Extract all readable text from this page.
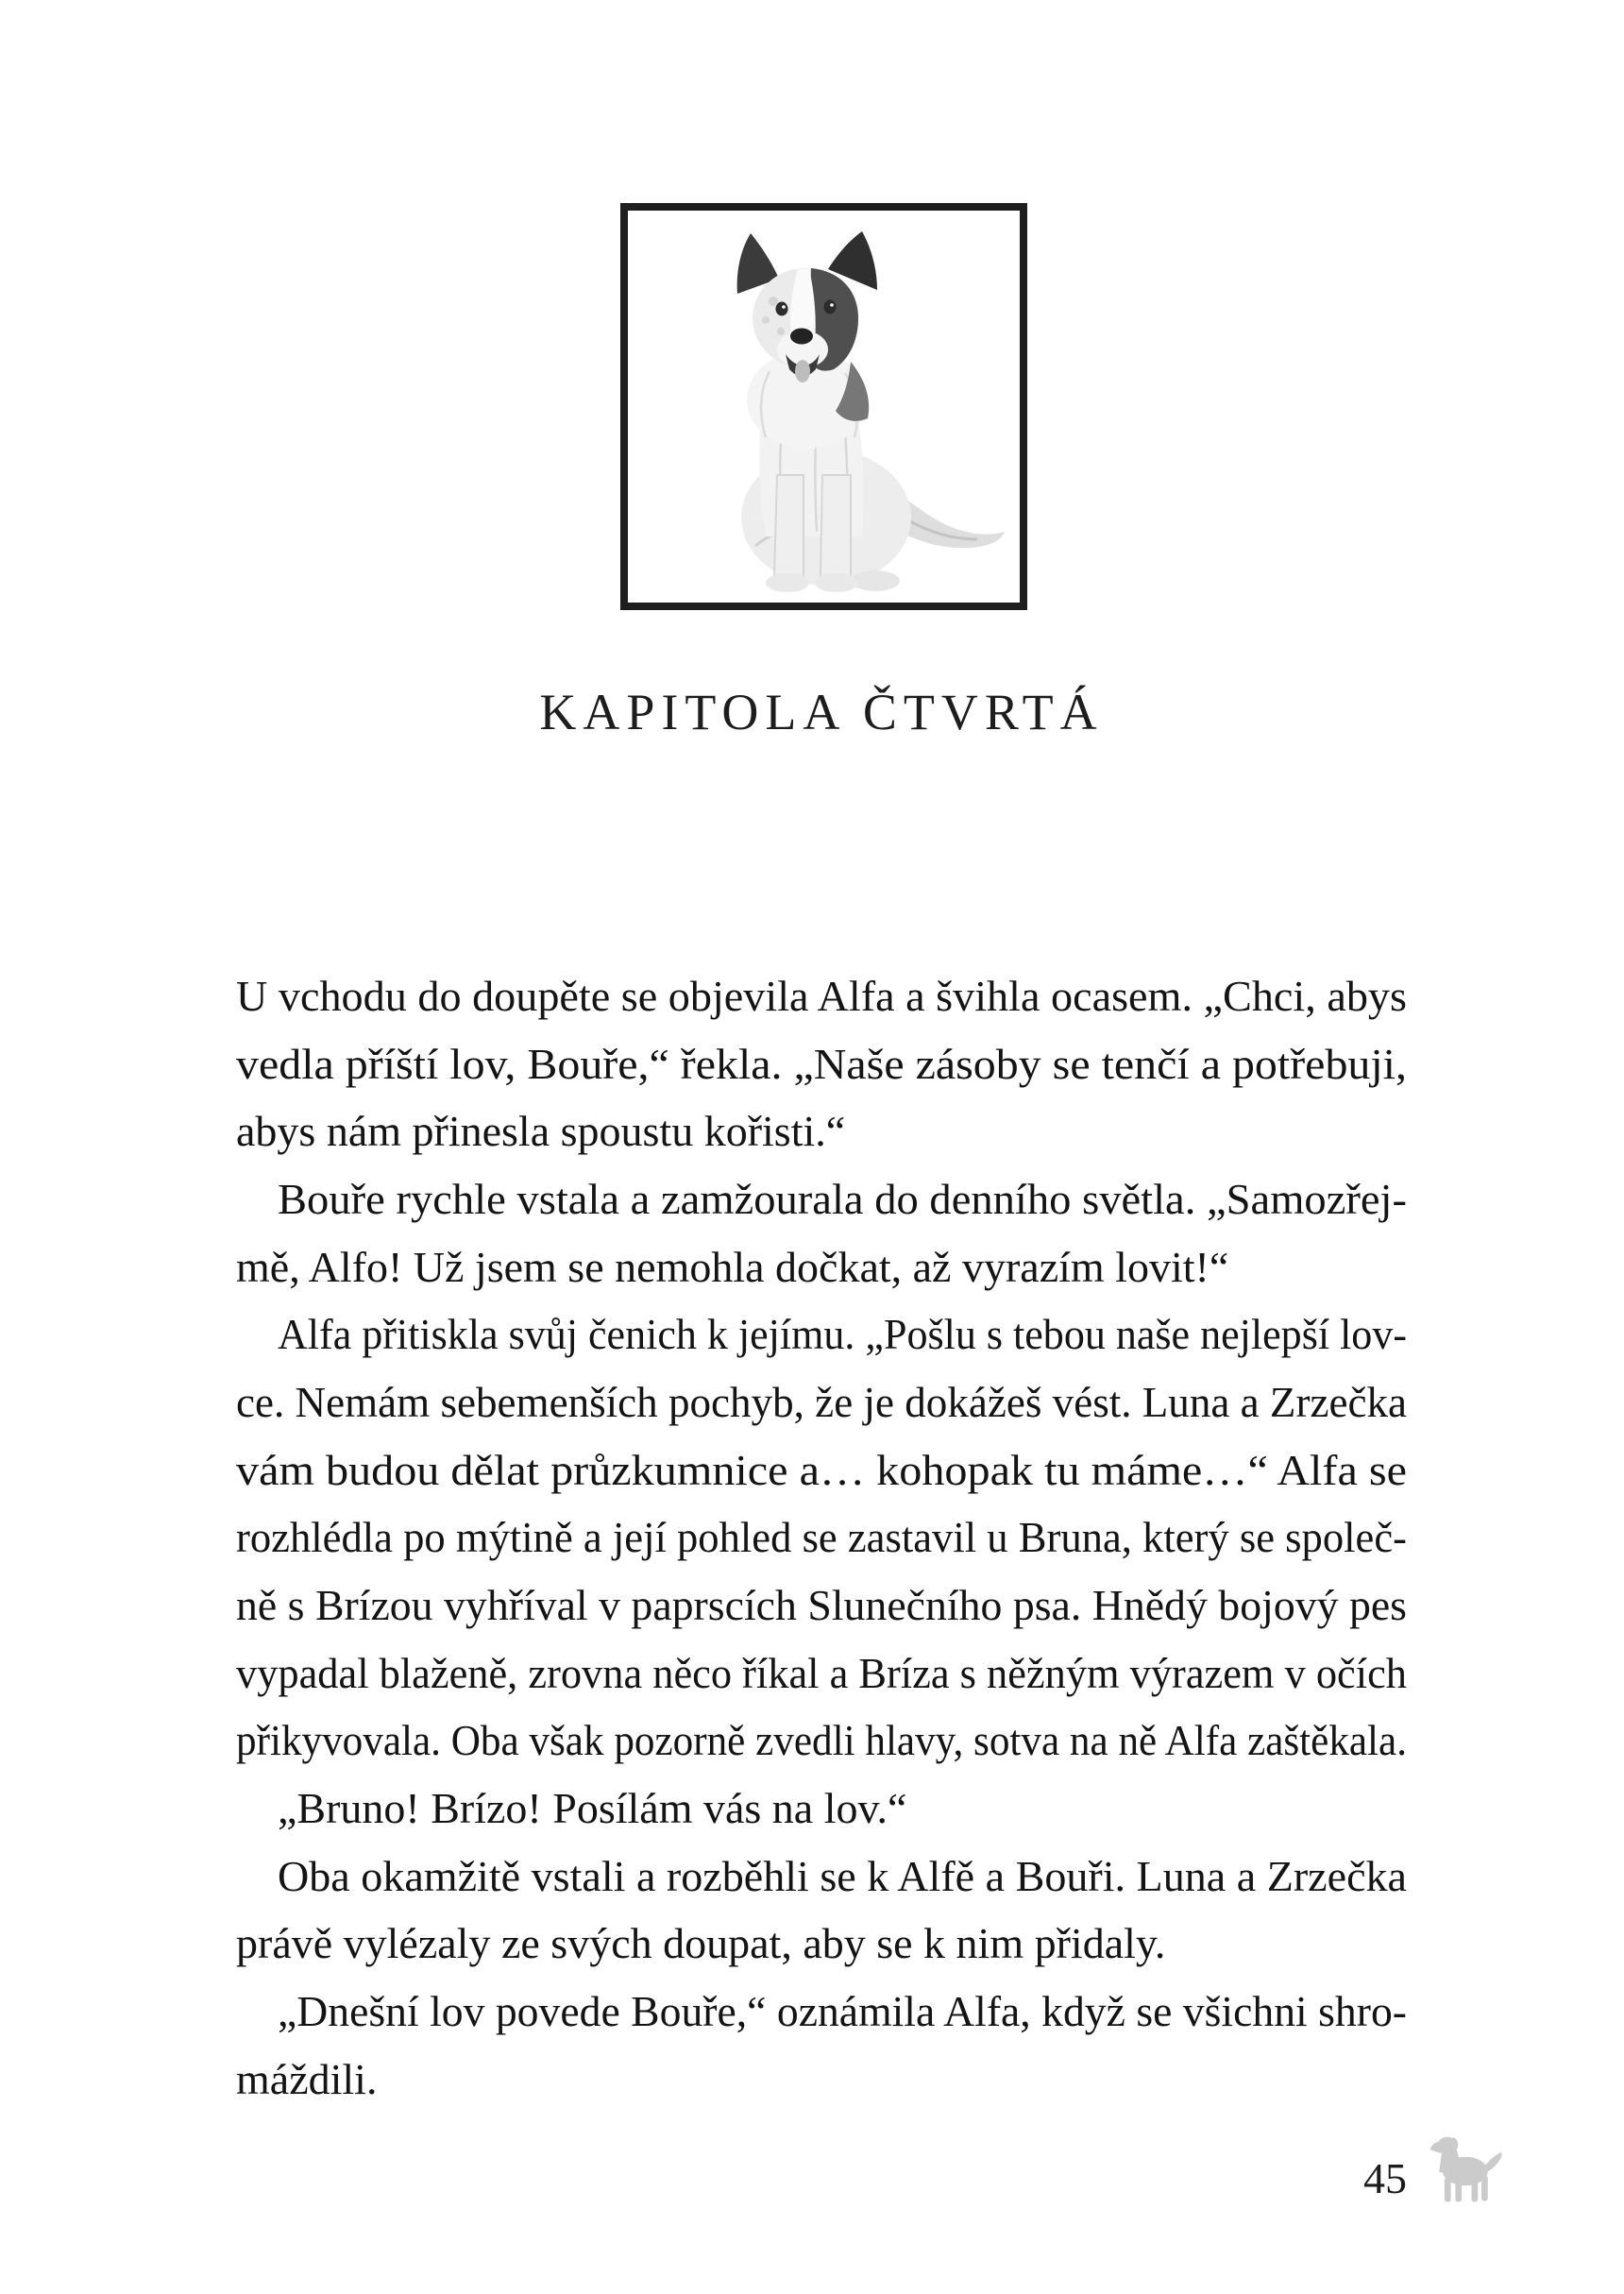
KAPITOLA ČTVRTÁ
U vchodu do doupěte se objevila Alfa a švihla ocasem. „Chci, abys
vedla příští lov, Bouře,“ řekla. „Naše zásoby se tenčí a potřebuji,
abys nám přinesla spoustu kořisti.“
Bouře rychle vstala a zamžourala do denního světla. „Samozřej-
mě, Alfo! Už jsem se nemohla dočkat, až vyrazím lovit!“
Alfa přitiskla svůj čenich k jejímu. „Pošlu s tebou naše nejlepší lov-
ce. Nemám sebemenších pochyb, že je dokážeš vést. Luna a Zrzečka
vám budou dělat průzkumnice a… kohopak tu máme…“ Alfa se
rozhlédla po mýtině a její pohled se zastavil u Bruna, který se společ-
ně s Brízou vyhříval v paprscích Slunečního psa. Hnědý bojový pes
vypadal blaženě, zrovna něco říkal a Bríza s něžným výrazem v očích
přikyvovala. Oba však pozorně zvedli hlavy, sotva na ně Alfa zaštěkala.
„Bruno! Brízo! Posílám vás na lov.“
Oba okamžitě vstali a rozběhli se k Alfě a Bouři. Luna a Zrzečka
právě vylézaly ze svých doupat, aby se k nim přidaly.
„Dnešní lov povede Bouře,“ oznámila Alfa, když se všichni shro-
máždili.
45
